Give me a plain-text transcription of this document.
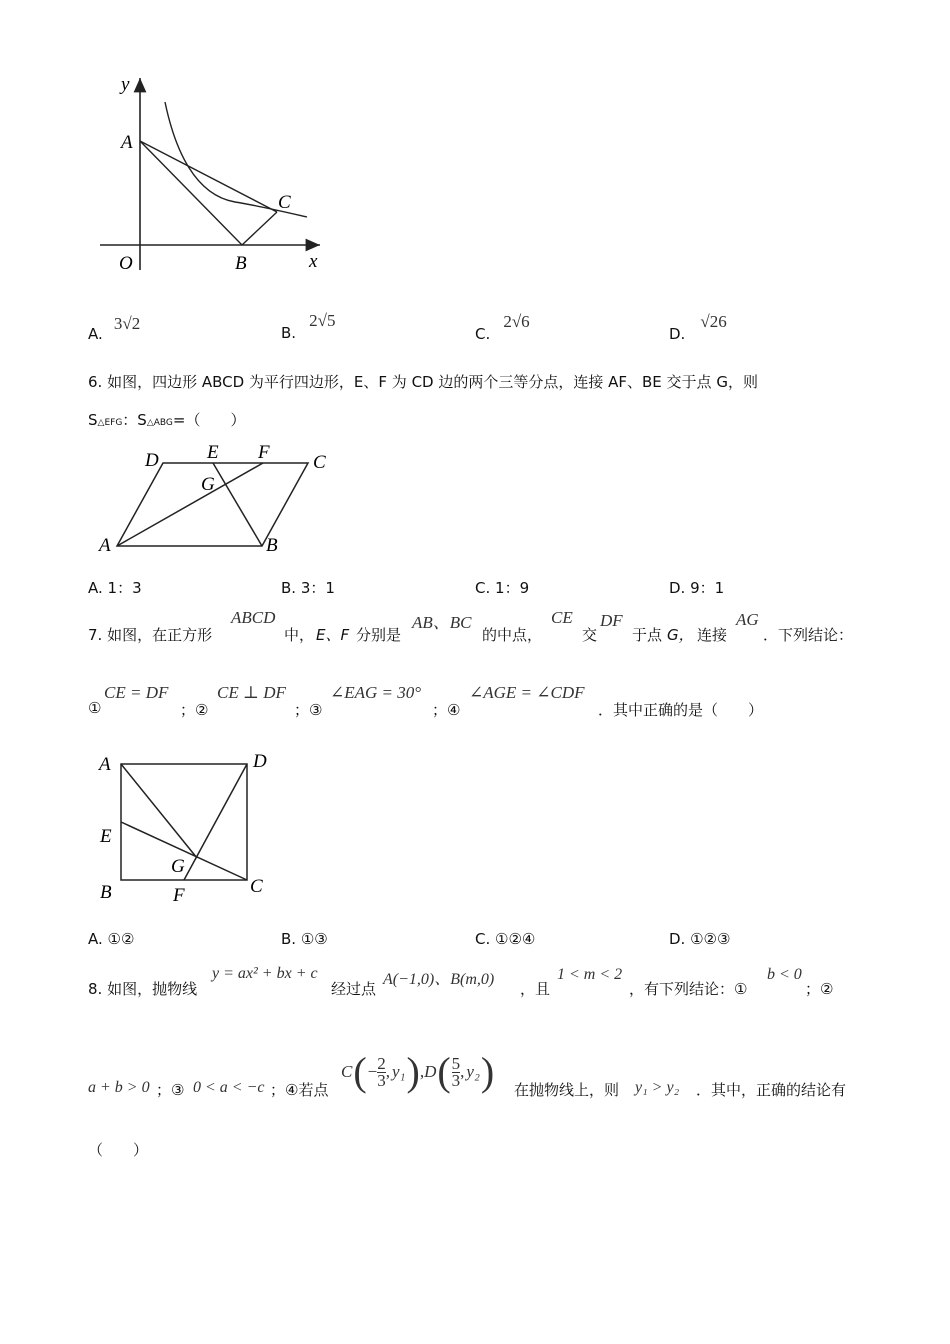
y
A
C
O	B	x
A. 3√2	B. 2√5
C. 2√6
D. √26
6. 如图，四边形 ABCD 为平行四边形，E、F 为 CD 边的两个三等分点，连接 AF、BE 交于点 G，则
S△EFG：S△ABG=（　　）
D	E F C
G
A	B
A. 1：3	B. 3：1	C. 1：9	D. 9：1
7. 如图，在正方形
ABCD
中， E、F 分别是
AB、BC
的中点，
CE
交
DF
于点 G， 连接
AG
．下列结论：
①
CE = DF
；②
CE ⊥ DF
；③
∠EAG = 30°
；④
∠AGE = ∠CDF
．其中正确的是（　　）
A	D
E
G
B	F	C
A. ①②	B. ①③	C. ①②④	D. ①②③
8. 如图，抛物线
y = ax² + bx + c
经过点
A(−1,0)、B(m,0)
，且
1 < m < 2
，有下列结论：①
b < 0
；②
a + b > 0 ；③ 0 < a < −c ；④若点
C ( − $\frac{2}{3}$ , y₁ ) , D ( $\frac{5}{3}$ , y₂ ) 在抛物线上，则 y₁ > y₂ ．其中，正确的结论有
（　　）
